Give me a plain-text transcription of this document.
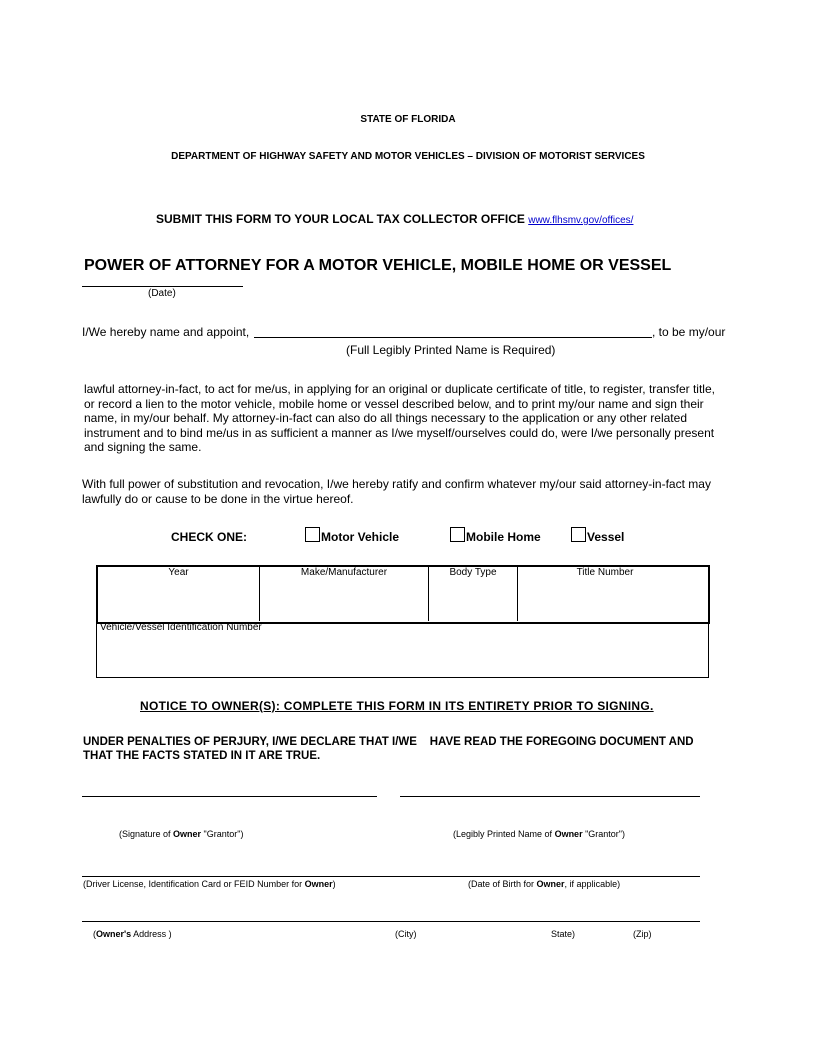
STATE OF FLORIDA
DEPARTMENT OF HIGHWAY SAFETY AND MOTOR VEHICLES – DIVISION OF MOTORIST SERVICES
SUBMIT THIS FORM TO YOUR LOCAL TAX COLLECTOR OFFICE www.flhsmv.gov/offices/
POWER OF ATTORNEY FOR A MOTOR VEHICLE, MOBILE HOME OR VESSEL
(Date)
I/We hereby name and appoint,	, to be my/our
(Full Legibly Printed Name is Required)
lawful attorney-in-fact, to act for me/us, in applying for an original or duplicate certificate of title, to register, transfer title,
or record a lien to the motor vehicle, mobile home or vessel described below, and to print my/our name and sign their
name, in my/our behalf. My attorney-in-fact can also do all things necessary to the application or any other related
instrument and to bind me/us in as sufficient a manner as I/we myself/ourselves could do, were I/we personally present
and signing the same.
With full power of substitution and revocation, I/we hereby ratify and confirm whatever my/our said attorney-in-fact may
lawfully do or cause to be done in the virtue hereof.
CHECK ONE:	Motor Vehicle	Mobile Home	Vessel
Year	Make/Manufacturer	Body Type	Title Number
Vehicle/Vessel Identification Number
NOTICE TO OWNER(S): COMPLETE THIS FORM IN ITS ENTIRETY PRIOR TO SIGNING.
UNDER PENALTIES OF PERJURY, I/WE DECLARE THAT I/WE    HAVE READ THE FOREGOING DOCUMENT AND
THAT THE FACTS STATED IN IT ARE TRUE.
(Signature of Owner "Grantor")	(Legibly Printed Name of Owner "Grantor")
(Driver License, Identification Card or FEID Number for Owner)	(Date of Birth for Owner, if applicable)
(Owner's Address )	(City)	State)	(Zip)
